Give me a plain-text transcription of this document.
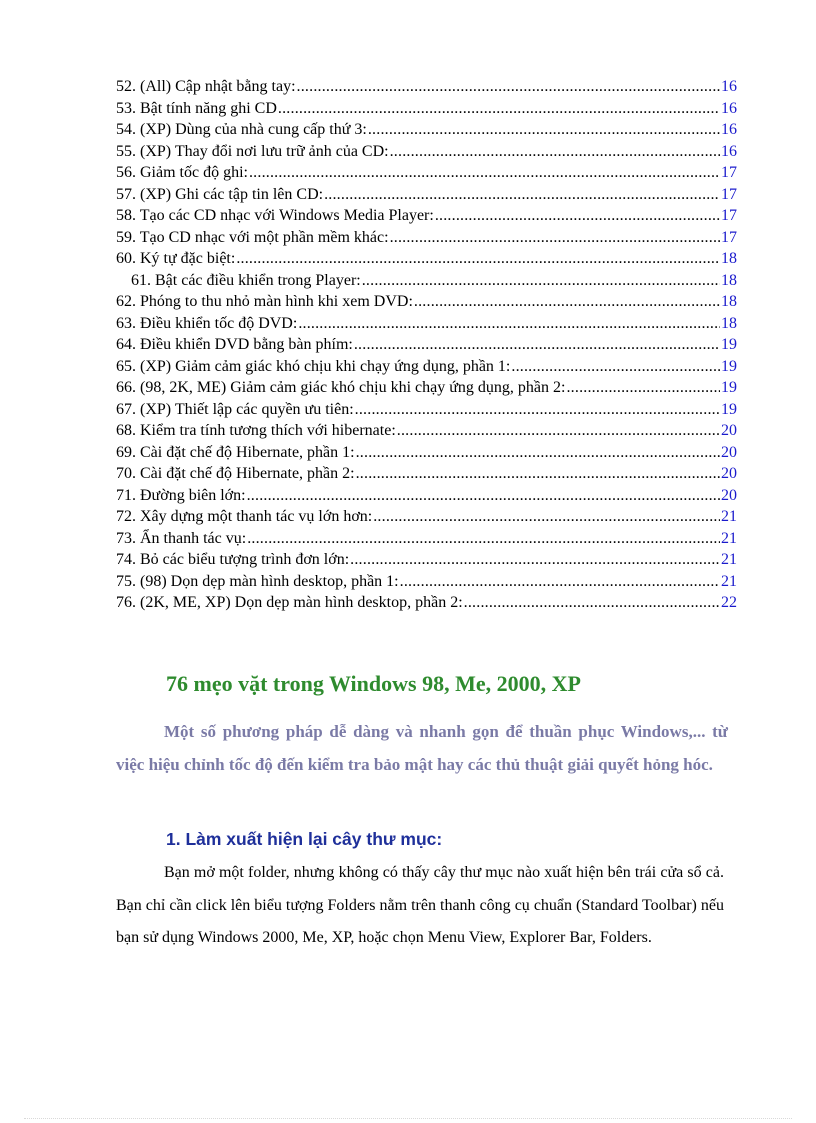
52. (All) Cập nhật bằng tay: .....	16
53. Bật tính năng ghi CD .....	16
54. (XP) Dùng của nhà cung cấp thứ 3: .....	16
55. (XP) Thay đổi nơi lưu trữ ảnh của CD: .....	16
56. Giảm tốc độ ghi: .....	17
57. (XP) Ghi các tập tin lên CD: .....	17
58. Tạo các CD nhạc với Windows Media Player: .....	17
59. Tạo CD nhạc với một phần mềm khác: .....	17
60. Ký tự đặc biệt: .....	18
61. Bật các điều khiển trong Player: .....	18
62. Phóng to thu nhỏ màn hình khi xem DVD: .....	18
63. Điều khiển tốc độ DVD: .....	18
64. Điều khiển DVD bằng bàn phím: .....	19
65. (XP) Giảm cảm giác khó chịu khi chạy ứng dụng, phần 1: .....	19
66. (98, 2K, ME) Giảm cảm giác khó chịu khi chạy ứng dụng, phần 2: .....	19
67. (XP) Thiết lập các quyền ưu tiên: .....	19
68. Kiểm tra tính tương thích với hibernate: .....	20
69. Cài đặt chế độ Hibernate, phần 1: .....	20
70. Cài đặt chế độ Hibernate, phần 2: .....	20
71. Đường biên lớn: .....	20
72. Xây dựng một thanh tác vụ lớn hơn: .....	21
73. Ẩn thanh tác vụ: .....	21
74. Bỏ các biểu tượng trình đơn lớn: .....	21
75. (98) Dọn dẹp màn hình desktop, phần 1: .....	21
76. (2K, ME, XP) Dọn dẹp màn hình desktop, phần 2: .....	22
76 mẹo vặt trong Windows 98, Me, 2000, XP
Một số phương pháp dễ dàng và nhanh gọn để thuần phục Windows,... từ việc hiệu chỉnh tốc độ đến kiểm tra bảo mật hay các thủ thuật giải quyết hỏng hóc.
1. Làm xuất hiện lại cây thư mục:
Bạn mở một folder, nhưng không có thấy cây thư mục nào xuất hiện bên trái cửa sổ cả. Bạn chỉ cần click lên biểu tượng Folders nằm trên thanh công cụ chuẩn (Standard Toolbar) nếu bạn sử dụng Windows 2000, Me, XP, hoặc chọn Menu View, Explorer Bar, Folders.
